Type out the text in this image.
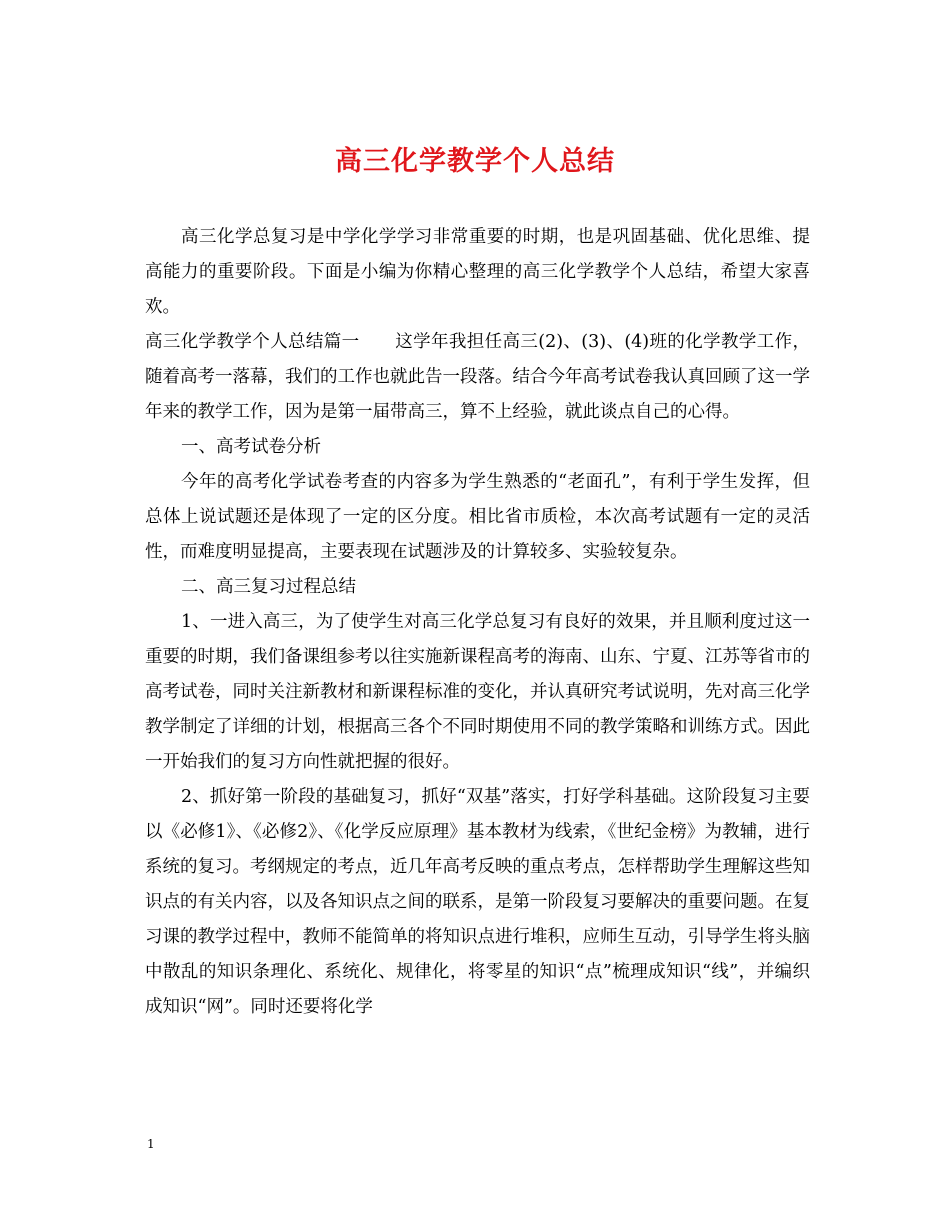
高三化学教学个人总结

高三化学总复习是中学化学学习非常重要的时期，也是巩固基础、优化思维、提高能力的重要阶段。下面是小编为你精心整理的高三化学教学个人总结，希望大家喜欢。

高三化学教学个人总结篇一　　这学年我担任高三(2)、(3)、(4)班的化学教学工作，随着高考一落幕，我们的工作也就此告一段落。结合今年高考试卷我认真回顾了这一学年来的教学工作，因为是第一届带高三，算不上经验，就此谈点自己的心得。

一、高考试卷分析

今年的高考化学试卷考查的内容多为学生熟悉的“老面孔”，有利于学生发挥，但总体上说试题还是体现了一定的区分度。相比省市质检，本次高考试题有一定的灵活性，而难度明显提高，主要表现在试题涉及的计算较多、实验较复杂。

二、高三复习过程总结

1、一进入高三，为了使学生对高三化学总复习有良好的效果，并且顺利度过这一重要的时期，我们备课组参考以往实施新课程高考的海南、山东、宁夏、江苏等省市的高考试卷，同时关注新教材和新课程标准的变化，并认真研究考试说明，先对高三化学教学制定了详细的计划，根据高三各个不同时期使用不同的教学策略和训练方式。因此一开始我们的复习方向性就把握的很好。

2、抓好第一阶段的基础复习，抓好“双基”落实，打好学科基础。这阶段复习主要以《必修1》、《必修2》、《化学反应原理》基本教材为线索，《世纪金榜》为教辅，进行系统的复习。考纲规定的考点，近几年高考反映的重点考点，怎样帮助学生理解这些知识点的有关内容，以及各知识点之间的联系，是第一阶段复习要解决的重要问题。在复习课的教学过程中，教师不能简单的将知识点进行堆积，应师生互动，引导学生将头脑中散乱的知识条理化、系统化、规律化，将零星的知识“点”梳理成知识“线”，并编织成知识“网”。同时还要将化学

1
